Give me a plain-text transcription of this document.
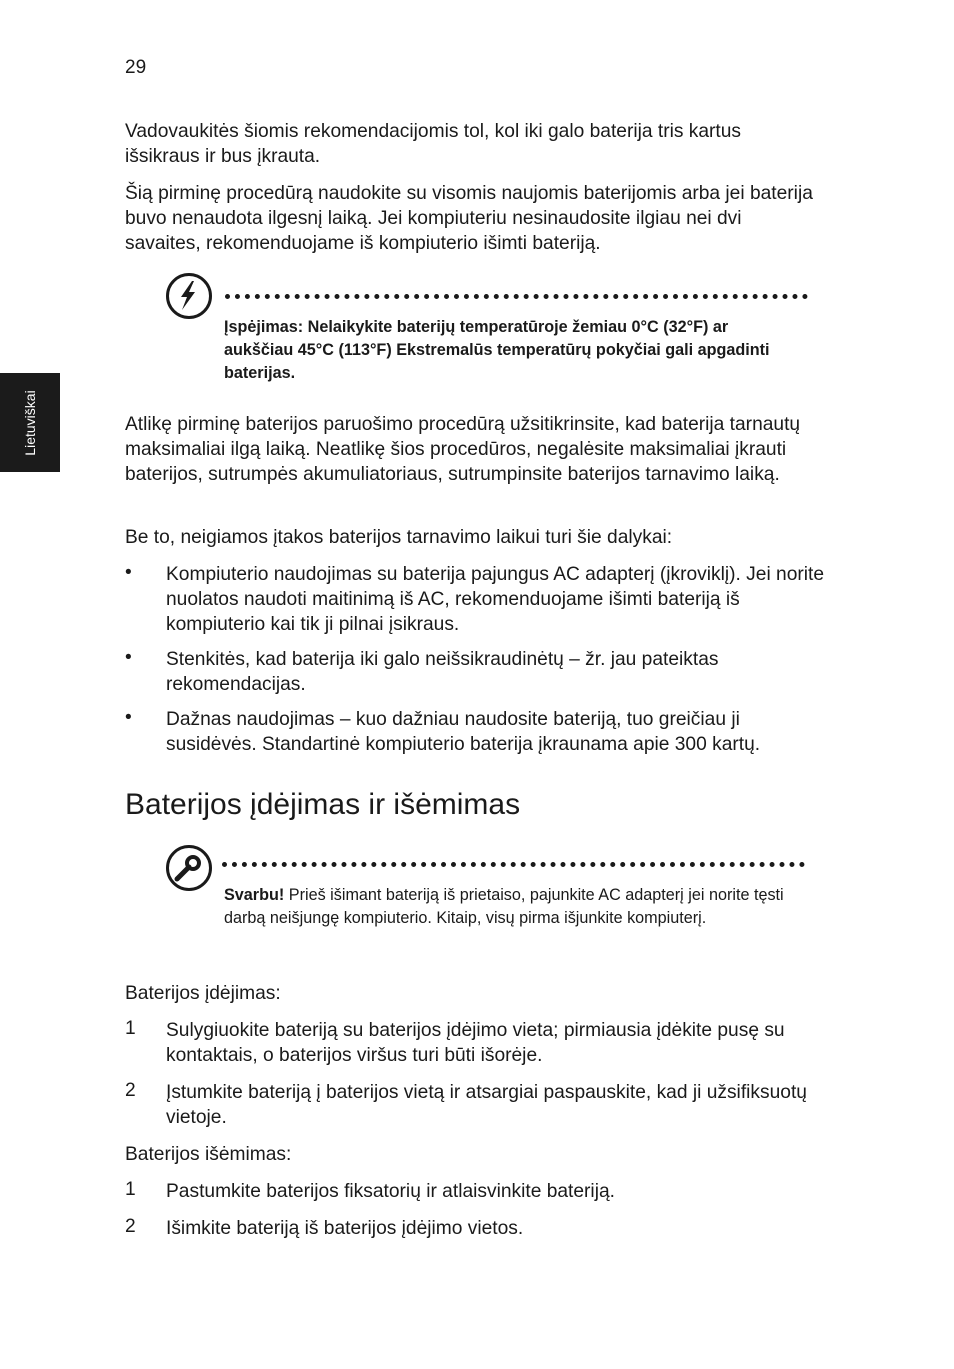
29
Lietuviškai

Vadovaukitės šiomis rekomendacijomis tol, kol iki galo baterija tris kartus išsikraus ir bus įkrauta.

Šią pirminę procedūrą naudokite su visomis naujomis baterijomis arba jei baterija buvo nenaudota ilgesnį laiką. Jei kompiuteriu nesinaudosite ilgiau nei dvi savaites, rekomenduojame iš kompiuterio išimti bateriją.

Įspėjimas: Nelaikykite baterijų temperatūroje žemiau 0°C (32°F) ar aukščiau 45°C (113°F) Ekstremalūs temperatūrų pokyčiai gali apgadinti baterijas.

Atlikę pirminę baterijos paruošimo procedūrą užsitikrinsite, kad baterija tarnautų maksimaliai ilgą laiką. Neatlikę šios procedūros, negalėsite maksimaliai įkrauti baterijos, sutrumpės akumuliatoriaus, sutrumpinsite baterijos tarnavimo laiką.

Be to, neigiamos įtakos baterijos tarnavimo laikui turi šie dalykai:

• Kompiuterio naudojimas su baterija pajungus AC adapterį (įkroviklį). Jei norite nuolatos naudoti maitinimą iš AC, rekomenduojame išimti bateriją iš kompiuterio kai tik ji pilnai įsikraus.

• Stenkitės, kad baterija iki galo neišsikraudinėtų – žr. jau pateiktas rekomendacijas.

• Dažnas naudojimas – kuo dažniau naudosite bateriją, tuo greičiau ji susidėvės. Standartinė kompiuterio baterija įkraunama apie 300 kartų.

Baterijos įdėjimas ir išėmimas

Svarbu! Prieš išimant bateriją iš prietaiso, pajunkite AC adapterį jei norite tęsti darbą neišjungę kompiuterio. Kitaip, visų pirma išjunkite kompiuterį.

Baterijos įdėjimas:

1 Sulygiuokite bateriją su baterijos įdėjimo vieta; pirmiausia įdėkite pusę su kontaktais, o baterijos viršus turi būti išorėje.

2 Įstumkite bateriją į baterijos vietą ir atsargiai paspauskite, kad ji užsifiksuotų vietoje.

Baterijos išėmimas:

1 Pastumkite baterijos fiksatorių ir atlaisvinkite bateriją.

2 Išimkite bateriją iš baterijos įdėjimo vietos.
